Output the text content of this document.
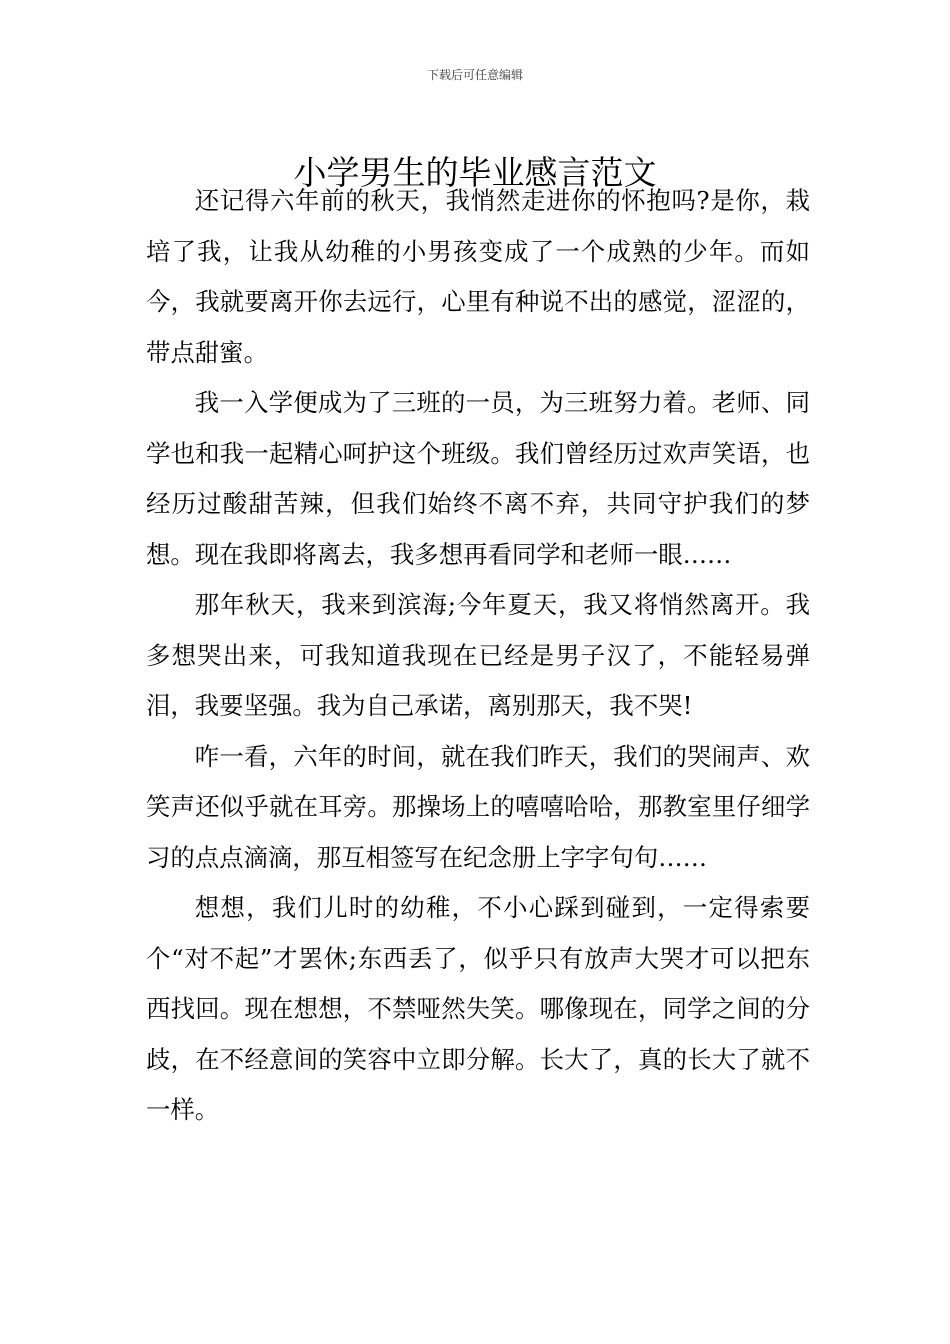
下载后可任意编辑
小学男生的毕业感言范文

还记得六年前的秋天，我悄然走进你的怀抱吗?是你，栽培了我，让我从幼稚的小男孩变成了一个成熟的少年。而如今，我就要离开你去远行，心里有种说不出的感觉，涩涩的，带点甜蜜。

我一入学便成为了三班的一员，为三班努力着。老师、同学也和我一起精心呵护这个班级。我们曾经历过欢声笑语，也经历过酸甜苦辣，但我们始终不离不弃，共同守护我们的梦想。现在我即将离去，我多想再看同学和老师一眼……

那年秋天，我来到滨海;今年夏天，我又将悄然离开。我多想哭出来，可我知道我现在已经是男子汉了，不能轻易弹泪，我要坚强。我为自己承诺，离别那天，我不哭!

咋一看，六年的时间，就在我们昨天，我们的哭闹声、欢笑声还似乎就在耳旁。那操场上的嘻嘻哈哈，那教室里仔细学习的点点滴滴，那互相签写在纪念册上字字句句……

想想，我们儿时的幼稚，不小心踩到碰到，一定得索要个“对不起”才罢休;东西丢了，似乎只有放声大哭才可以把东西找回。现在想想，不禁哑然失笑。哪像现在，同学之间的分歧，在不经意间的笑容中立即分解。长大了，真的长大了就不一样。
